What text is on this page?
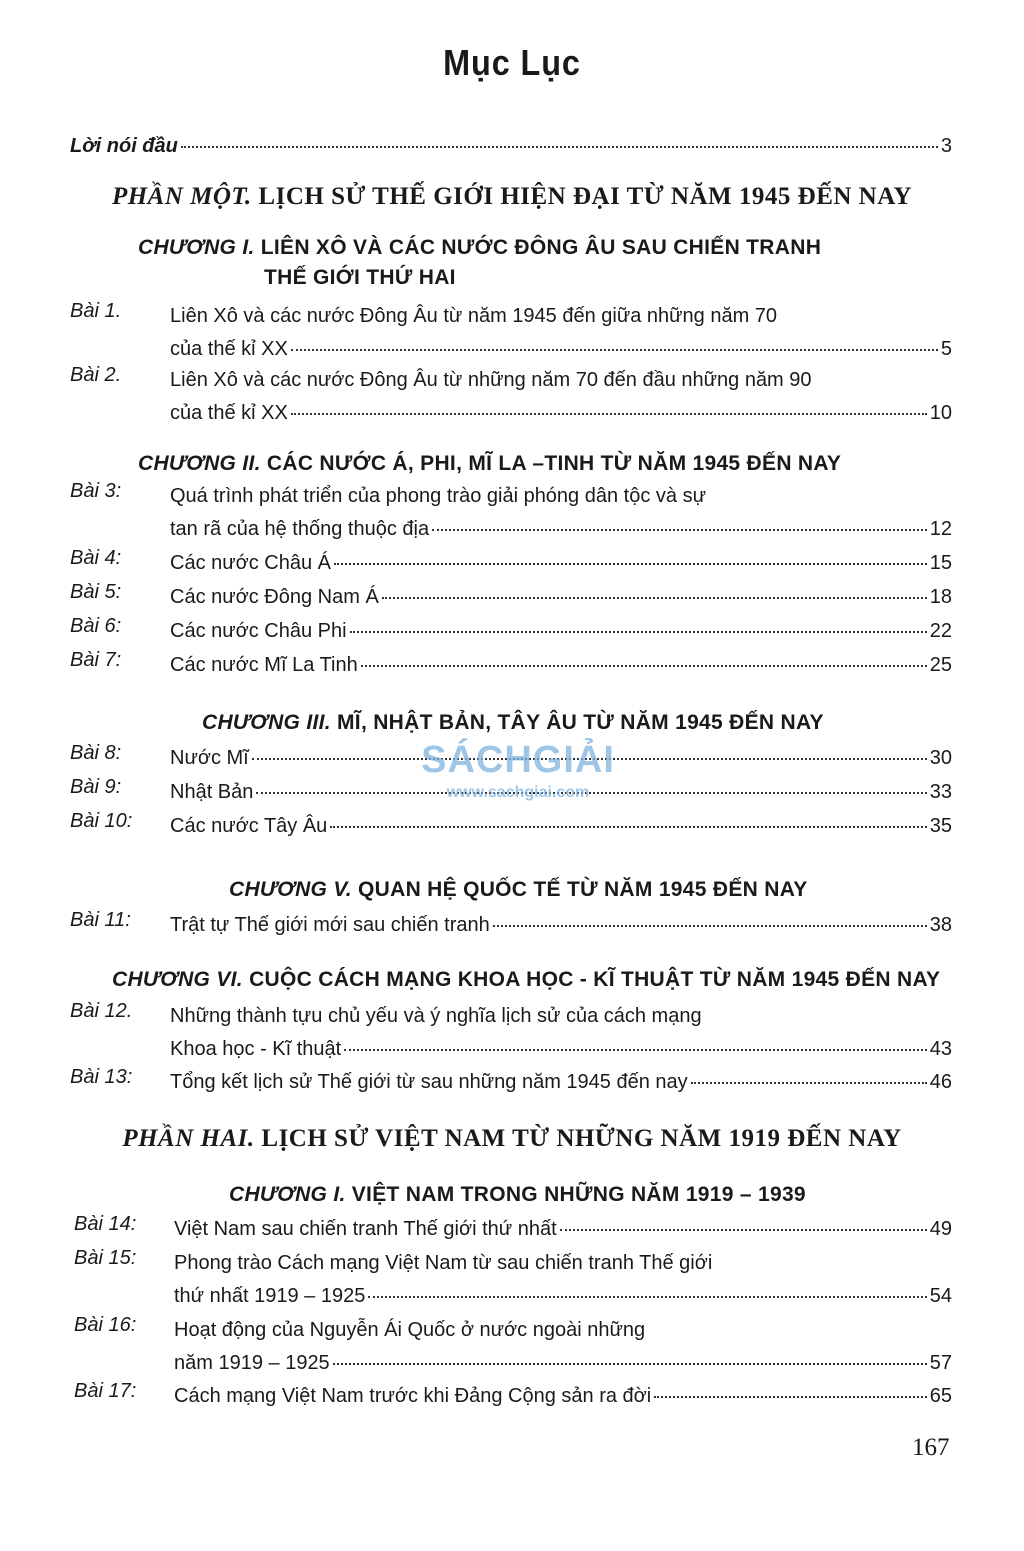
Mục Lục
Lời nói đầu	3
PHẦN MỘT. LỊCH SỬ THẾ GIỚI HIỆN ĐẠI TỪ NĂM 1945 ĐẾN NAY
CHƯƠNG I. LIÊN XÔ VÀ CÁC NƯỚC ĐÔNG ÂU SAU CHIẾN TRANH
THẾ GIỚI THỨ HAI
Bài 1. Liên Xô và các nước Đông Âu từ năm 1945 đến giữa những năm 70
của thế kỉ XX	5
Bài 2. Liên Xô và các nước Đông Âu từ những năm 70 đến đầu những năm 90
của thế kỉ XX	10
CHƯƠNG II. CÁC NƯỚC Á, PHI, MĨ LA –TINH TỪ NĂM 1945 ĐẾN NAY
Bài 3: Quá trình phát triển của phong trào giải phóng dân tộc và sự
tan rã của hệ thống thuộc địa	12
Bài 4: Các nước Châu Á	15
Bài 5: Các nước Đông Nam Á	18
Bài 6: Các nước Châu Phi	22
Bài 7: Các nước Mĩ La Tinh	25
CHƯƠNG III. MĨ, NHẬT BẢN, TÂY ÂU TỪ NĂM 1945 ĐẾN NAY
Bài 8: Nước Mĩ	30
Bài 9: Nhật Bản	33
Bài 10: Các nước Tây Âu	35
SÁCHGIẢI
www.sachgiai.com
CHƯƠNG V. QUAN HỆ QUỐC TẾ TỪ NĂM 1945 ĐẾN NAY
Bài 11: Trật tự Thế giới mới sau chiến tranh	38
CHƯƠNG VI. CUỘC CÁCH MẠNG KHOA HỌC - KĨ THUẬT TỪ NĂM 1945 ĐẾN NAY
Bài 12. Những thành tựu chủ yếu và ý nghĩa lịch sử của cách mạng
Khoa học - Kĩ thuật	43
Bài 13: Tổng kết lịch sử Thế giới từ sau những năm 1945 đến nay	46
PHẦN HAI. LỊCH SỬ VIỆT NAM TỪ NHỮNG NĂM 1919 ĐẾN NAY
CHƯƠNG I. VIỆT NAM TRONG NHỮNG NĂM 1919 – 1939
Bài 14: Việt Nam sau chiến tranh Thế giới thứ nhất	49
Bài 15: Phong trào Cách mạng Việt Nam từ sau chiến tranh Thế giới
thứ nhất 1919 – 1925	54
Bài 16: Hoạt động của Nguyễn Ái Quốc ở nước ngoài những
năm 1919 – 1925	57
Bài 17: Cách mạng Việt Nam trước khi Đảng Cộng sản ra đời	65
167
